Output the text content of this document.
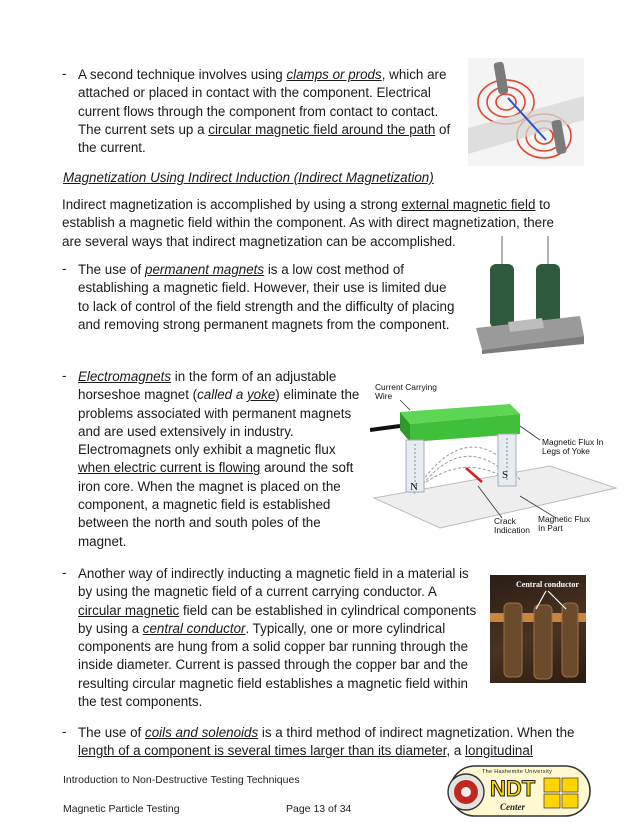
- A second technique involves using clamps or prods, which are attached or placed in contact with the component. Electrical current flows through the component from contact to contact. The current sets up a circular magnetic field around the path of the current.
Magnetization Using Indirect Induction (Indirect Magnetization)
Indirect magnetization is accomplished by using a strong external magnetic field to establish a magnetic field within the component. As with direct magnetization, there are several ways that indirect magnetization can be accomplished.
- The use of permanent magnets is a low cost method of establishing a magnetic field. However, their use is limited due to lack of control of the field strength and the difficulty of placing and removing strong permanent magnets from the component.
- Electromagnets in the form of an adjustable horseshoe magnet (called a yoke) eliminate the problems associated with permanent magnets and are used extensively in industry. Electromagnets only exhibit a magnetic flux when electric current is flowing around the soft iron core. When the magnet is placed on the component, a magnetic field is established between the north and south poles of the magnet.
N
S
Current Carrying Wire
Magnetic Flux In Legs of Yoke
Crack Indication
Magnetic Flux In Part
- Another way of indirectly inducting a magnetic field in a material is by using the magnetic field of a current carrying conductor. A circular magnetic field can be established in cylindrical components by using a central conductor. Typically, one or more cylindrical components are hung from a solid copper bar running through the inside diameter. Current is passed through the copper bar and the resulting circular magnetic field establishes a magnetic field within the test components.
Central conductor
- The use of coils and solenoids is a third method of indirect magnetization. When the length of a component is several times larger than its diameter, a longitudinal
Introduction to Non-Destructive Testing Techniques
Magnetic Particle Testing	Page 13 of 34
The Hashemite University
NDT
Center
